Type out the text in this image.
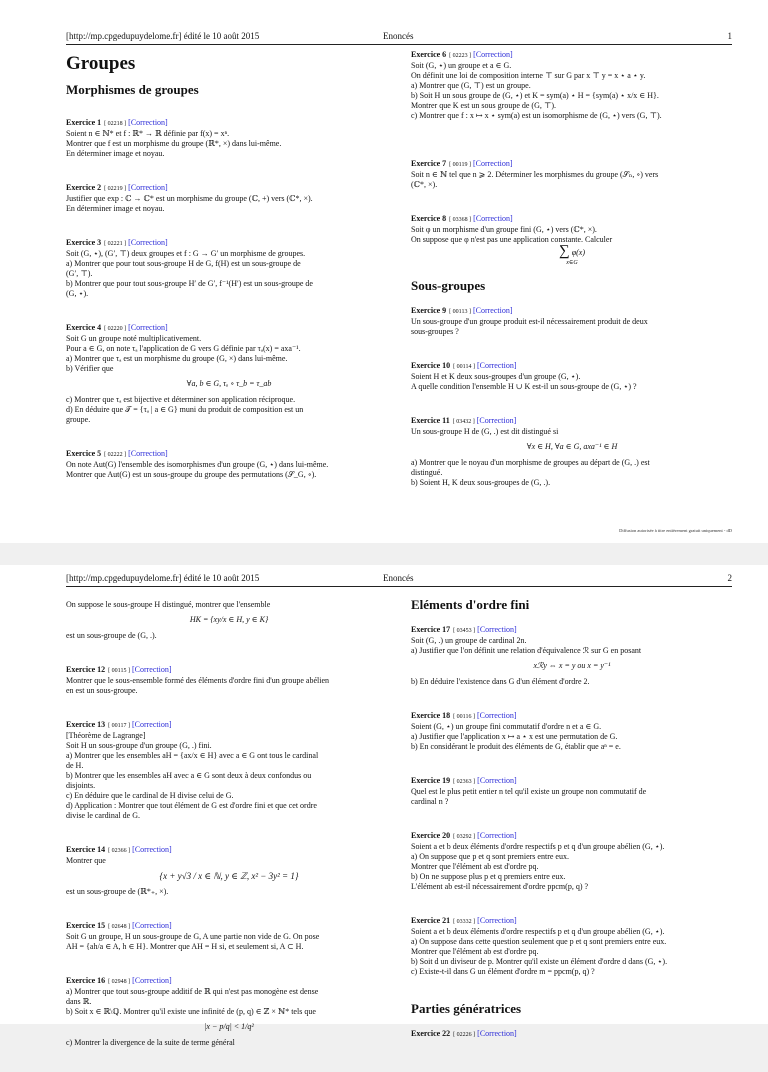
[http://mp.cpgedupuydelome.fr] édité le 10 août 2015	Enoncés	1
Groupes
Morphismes de groupes

Exercice 1 [ 02218 ] [Correction]

Soient n ∈ ℕ* et f : ℝ* → ℝ définie par f(x) = xⁿ.

Montrer que f est un morphisme du groupe (ℝ*, ×) dans lui-même.

En déterminer image et noyau.

Exercice 2 [ 02219 ] [Correction]

Justifier que exp : ℂ → ℂ* est un morphisme du groupe (ℂ, +) vers (ℂ*, ×).

En déterminer image et noyau.

Exercice 3 [ 02221 ] [Correction]

Soit (G, ⋆), (G′, ⊤) deux groupes et f : G → G′ un morphisme de groupes.

a) Montrer que pour tout sous-groupe H de G, f(H) est un sous-groupe de

(G′, ⊤).

b) Montrer que pour tout sous-groupe H′ de G′, f⁻¹(H′) est un sous-groupe de

(G, ⋆).

Exercice 4 [ 02220 ] [Correction]

Soit G un groupe noté multiplicativement.

Pour a ∈ G, on note τₐ l'application de G vers G définie par τₐ(x) = axa⁻¹.

a) Montrer que τₐ est un morphisme du groupe (G, ×) dans lui-même.

b) Vérifier que

∀a, b ∈ G, τₐ ∘ τ_b = τ_ab

c) Montrer que τₐ est bijective et déterminer son application réciproque.

d) En déduire que 𝒯 = {τₐ | a ∈ G} muni du produit de composition est un

groupe.

Exercice 5 [ 02222 ] [Correction]

On note Aut(G) l'ensemble des isomorphismes d'un groupe (G, ⋆) dans lui-même.

Montrer que Aut(G) est un sous-groupe du groupe des permutations (𝒮_G, ∘).

Exercice 6 [ 02223 ] [Correction]

Soit (G, ⋆) un groupe et a ∈ G.

On définit une loi de composition interne ⊤ sur G par x ⊤ y = x ⋆ a ⋆ y.

a) Montrer que (G, ⊤) est un groupe.

b) Soit H un sous groupe de (G, ⋆) et K = sym(a) ⋆ H = {sym(a) ⋆ x/x ∈ H}.

Montrer que K est un sous groupe de (G, ⊤).

c) Montrer que f : x ↦ x ⋆ sym(a) est un isomorphisme de (G, ⋆) vers (G, ⊤).

Exercice 7 [ 00119 ] [Correction]

Soit n ∈ ℕ tel que n ⩾ 2. Déterminer les morphismes du groupe (𝒮ₙ, ∘) vers

(ℂ*, ×).

Exercice 8 [ 03368 ] [Correction]

Soit φ un morphisme d'un groupe fini (G, ⋆) vers (ℂ*, ×).

On suppose que φ n'est pas une application constante. Calculer

∑ φ(x)
x∈G
Sous-groupes

Exercice 9 [ 00113 ] [Correction]

Un sous-groupe d'un groupe produit est-il nécessairement produit de deux

sous-groupes ?

Exercice 10 [ 00114 ] [Correction]

Soient H et K deux sous-groupes d'un groupe (G, ⋆).

A quelle condition l'ensemble H ∪ K est-il un sous-groupe de (G, ⋆) ?

Exercice 11 [ 03432 ] [Correction]

Un sous-groupe H de (G, .) est dit distingué si

∀x ∈ H, ∀a ∈ G, axa⁻¹ ∈ H

a) Montrer que le noyau d'un morphisme de groupes au départ de (G, .) est

distingué.

b) Soient H, K deux sous-groupes de (G, .).

Diffusion autorisée à titre entièrement gratuit uniquement - dD
[http://mp.cpgedupuydelome.fr] édité le 10 août 2015	Enoncés	2

On suppose le sous-groupe H distingué, montrer que l'ensemble

HK = {xy/x ∈ H, y ∈ K}

est un sous-groupe de (G, .).

Exercice 12 [ 00115 ] [Correction]

Montrer que le sous-ensemble formé des éléments d'ordre fini d'un groupe abélien

en est un sous-groupe.

Exercice 13 [ 00117 ] [Correction]

[Théorème de Lagrange]

Soit H un sous-groupe d'un groupe (G, .) fini.

a) Montrer que les ensembles aH = {ax/x ∈ H} avec a ∈ G ont tous le cardinal

de H.

b) Montrer que les ensembles aH avec a ∈ G sont deux à deux confondus ou

disjoints.

c) En déduire que le cardinal de H divise celui de G.

d) Application : Montrer que tout élément de G est d'ordre fini et que cet ordre

divise le cardinal de G.

Exercice 14 [ 02366 ] [Correction]

Montrer que

{x + y√3 / x ∈ ℕ, y ∈ ℤ, x² − 3y² = 1}

est un sous-groupe de (ℝ*₊, ×).

Exercice 15 [ 02648 ] [Correction]

Soit G un groupe, H un sous-groupe de G, A une partie non vide de G. On pose

AH = {ah/a ∈ A, h ∈ H}. Montrer que AH = H si, et seulement si, A ⊂ H.

Exercice 16 [ 02948 ] [Correction]

a) Montrer que tout sous-groupe additif de ℝ qui n'est pas monogène est dense

dans ℝ.

b) Soit x ∈ ℝ\ℚ. Montrer qu'il existe une infinité de (p, q) ∈ ℤ × ℕ* tels que

|x − p/q| < 1/q²

c) Montrer la divergence de la suite de terme général

Eléments d'ordre fini

Exercice 17 [ 03453 ] [Correction]

Soit (G, .) un groupe de cardinal 2n.

a) Justifier que l'on définit une relation d'équivalence ℛ sur G en posant

xℛy ⇔ x = y ou x = y⁻¹

b) En déduire l'existence dans G d'un élément d'ordre 2.

Exercice 18 [ 00116 ] [Correction]

Soient (G, ⋆) un groupe fini commutatif d'ordre n et a ∈ G.

a) Justifier que l'application x ↦ a ⋆ x est une permutation de G.

b) En considérant le produit des éléments de G, établir que aⁿ = e.

Exercice 19 [ 02363 ] [Correction]

Quel est le plus petit entier n tel qu'il existe un groupe non commutatif de

cardinal n ?

Exercice 20 [ 03292 ] [Correction]

Soient a et b deux éléments d'ordre respectifs p et q d'un groupe abélien (G, ⋆).

a) On suppose que p et q sont premiers entre eux.

Montrer que l'élément ab est d'ordre pq.

b) On ne suppose plus p et q premiers entre eux.

L'élément ab est-il nécessairement d'ordre ppcm(p, q) ?

Exercice 21 [ 03332 ] [Correction]

Soient a et b deux éléments d'ordre respectifs p et q d'un groupe abélien (G, ⋆).

a) On suppose dans cette question seulement que p et q sont premiers entre eux.

Montrer que l'élément ab est d'ordre pq.

b) Soit d un diviseur de p. Montrer qu'il existe un élément d'ordre d dans (G, ⋆).

c) Existe-t-il dans G un élément d'ordre m = ppcm(p, q) ?

Parties génératrices

Exercice 22 [ 02226 ] [Correction]
